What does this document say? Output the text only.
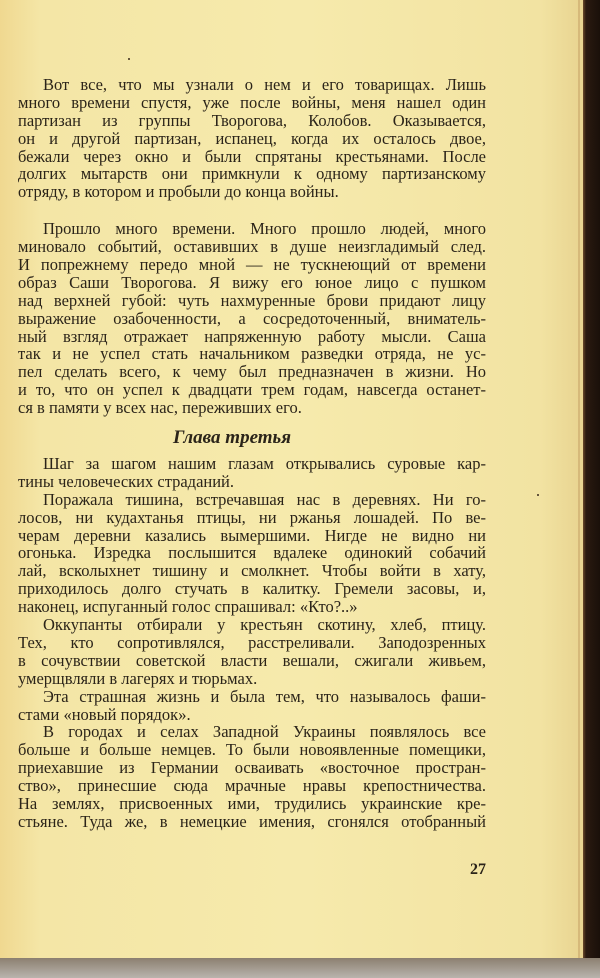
Вот все, что мы узнали о нем и его товарищах. Лишь
много времени спустя, уже после войны, меня нашел один
партизан из группы Творогова, Колобов. Оказывается,
он и другой партизан, испанец, когда их осталось двое,
бежали через окно и были спрятаны крестьянами. После
долгих мытарств они примкнули к одному партизанскому
отряду, в котором и пробыли до конца войны.
Прошло много времени. Много прошло людей, много
миновало событий, оставивших в душе неизгладимый след.
И попрежнему передо мной — не тускнеющий от времени
образ Саши Творогова. Я вижу его юное лицо с пушком
над верхней губой: чуть нахмуренные брови придают лицу
выражение озабоченности, а сосредоточенный, вниматель-
ный взгляд отражает напряженную работу мысли. Саша
так и не успел стать начальником разведки отряда, не ус-
пел сделать всего, к чему был предназначен в жизни. Но
и то, что он успел к двадцати трем годам, навсегда останет-
ся в памяти у всех нас, переживших его.
Глава третья
Шаг за шагом нашим глазам открывались суровые кар-
тины человеческих страданий.
Поражала тишина, встречавшая нас в деревнях. Ни го-
лосов, ни кудахтанья птицы, ни ржанья лошадей. По ве-
черам деревни казались вымершими. Нигде не видно ни
огонька. Изредка послышится вдалеке одинокий собачий
лай, всколыхнет тишину и смолкнет. Чтобы войти в хату,
приходилось долго стучать в калитку. Гремели засовы, и,
наконец, испуганный голос спрашивал: «Кто?..»
Оккупанты отбирали у крестьян скотину, хлеб, птицу.
Тех, кто сопротивлялся, расстреливали. Заподозренных
в сочувствии советской власти вешали, сжигали живьем,
умерщвляли в лагерях и тюрьмах.
Эта страшная жизнь и была тем, что называлось фаши-
стами «новый порядок».
В городах и селах Западной Украины появлялось все
больше и больше немцев. То были новоявленные помещики,
приехавшие из Германии осваивать «восточное простран-
ство», принесшие сюда мрачные нравы крепостничества.
На землях, присвоенных ими, трудились украинские кре-
стьяне. Туда же, в немецкие имения, сгонялся отобранный
27
